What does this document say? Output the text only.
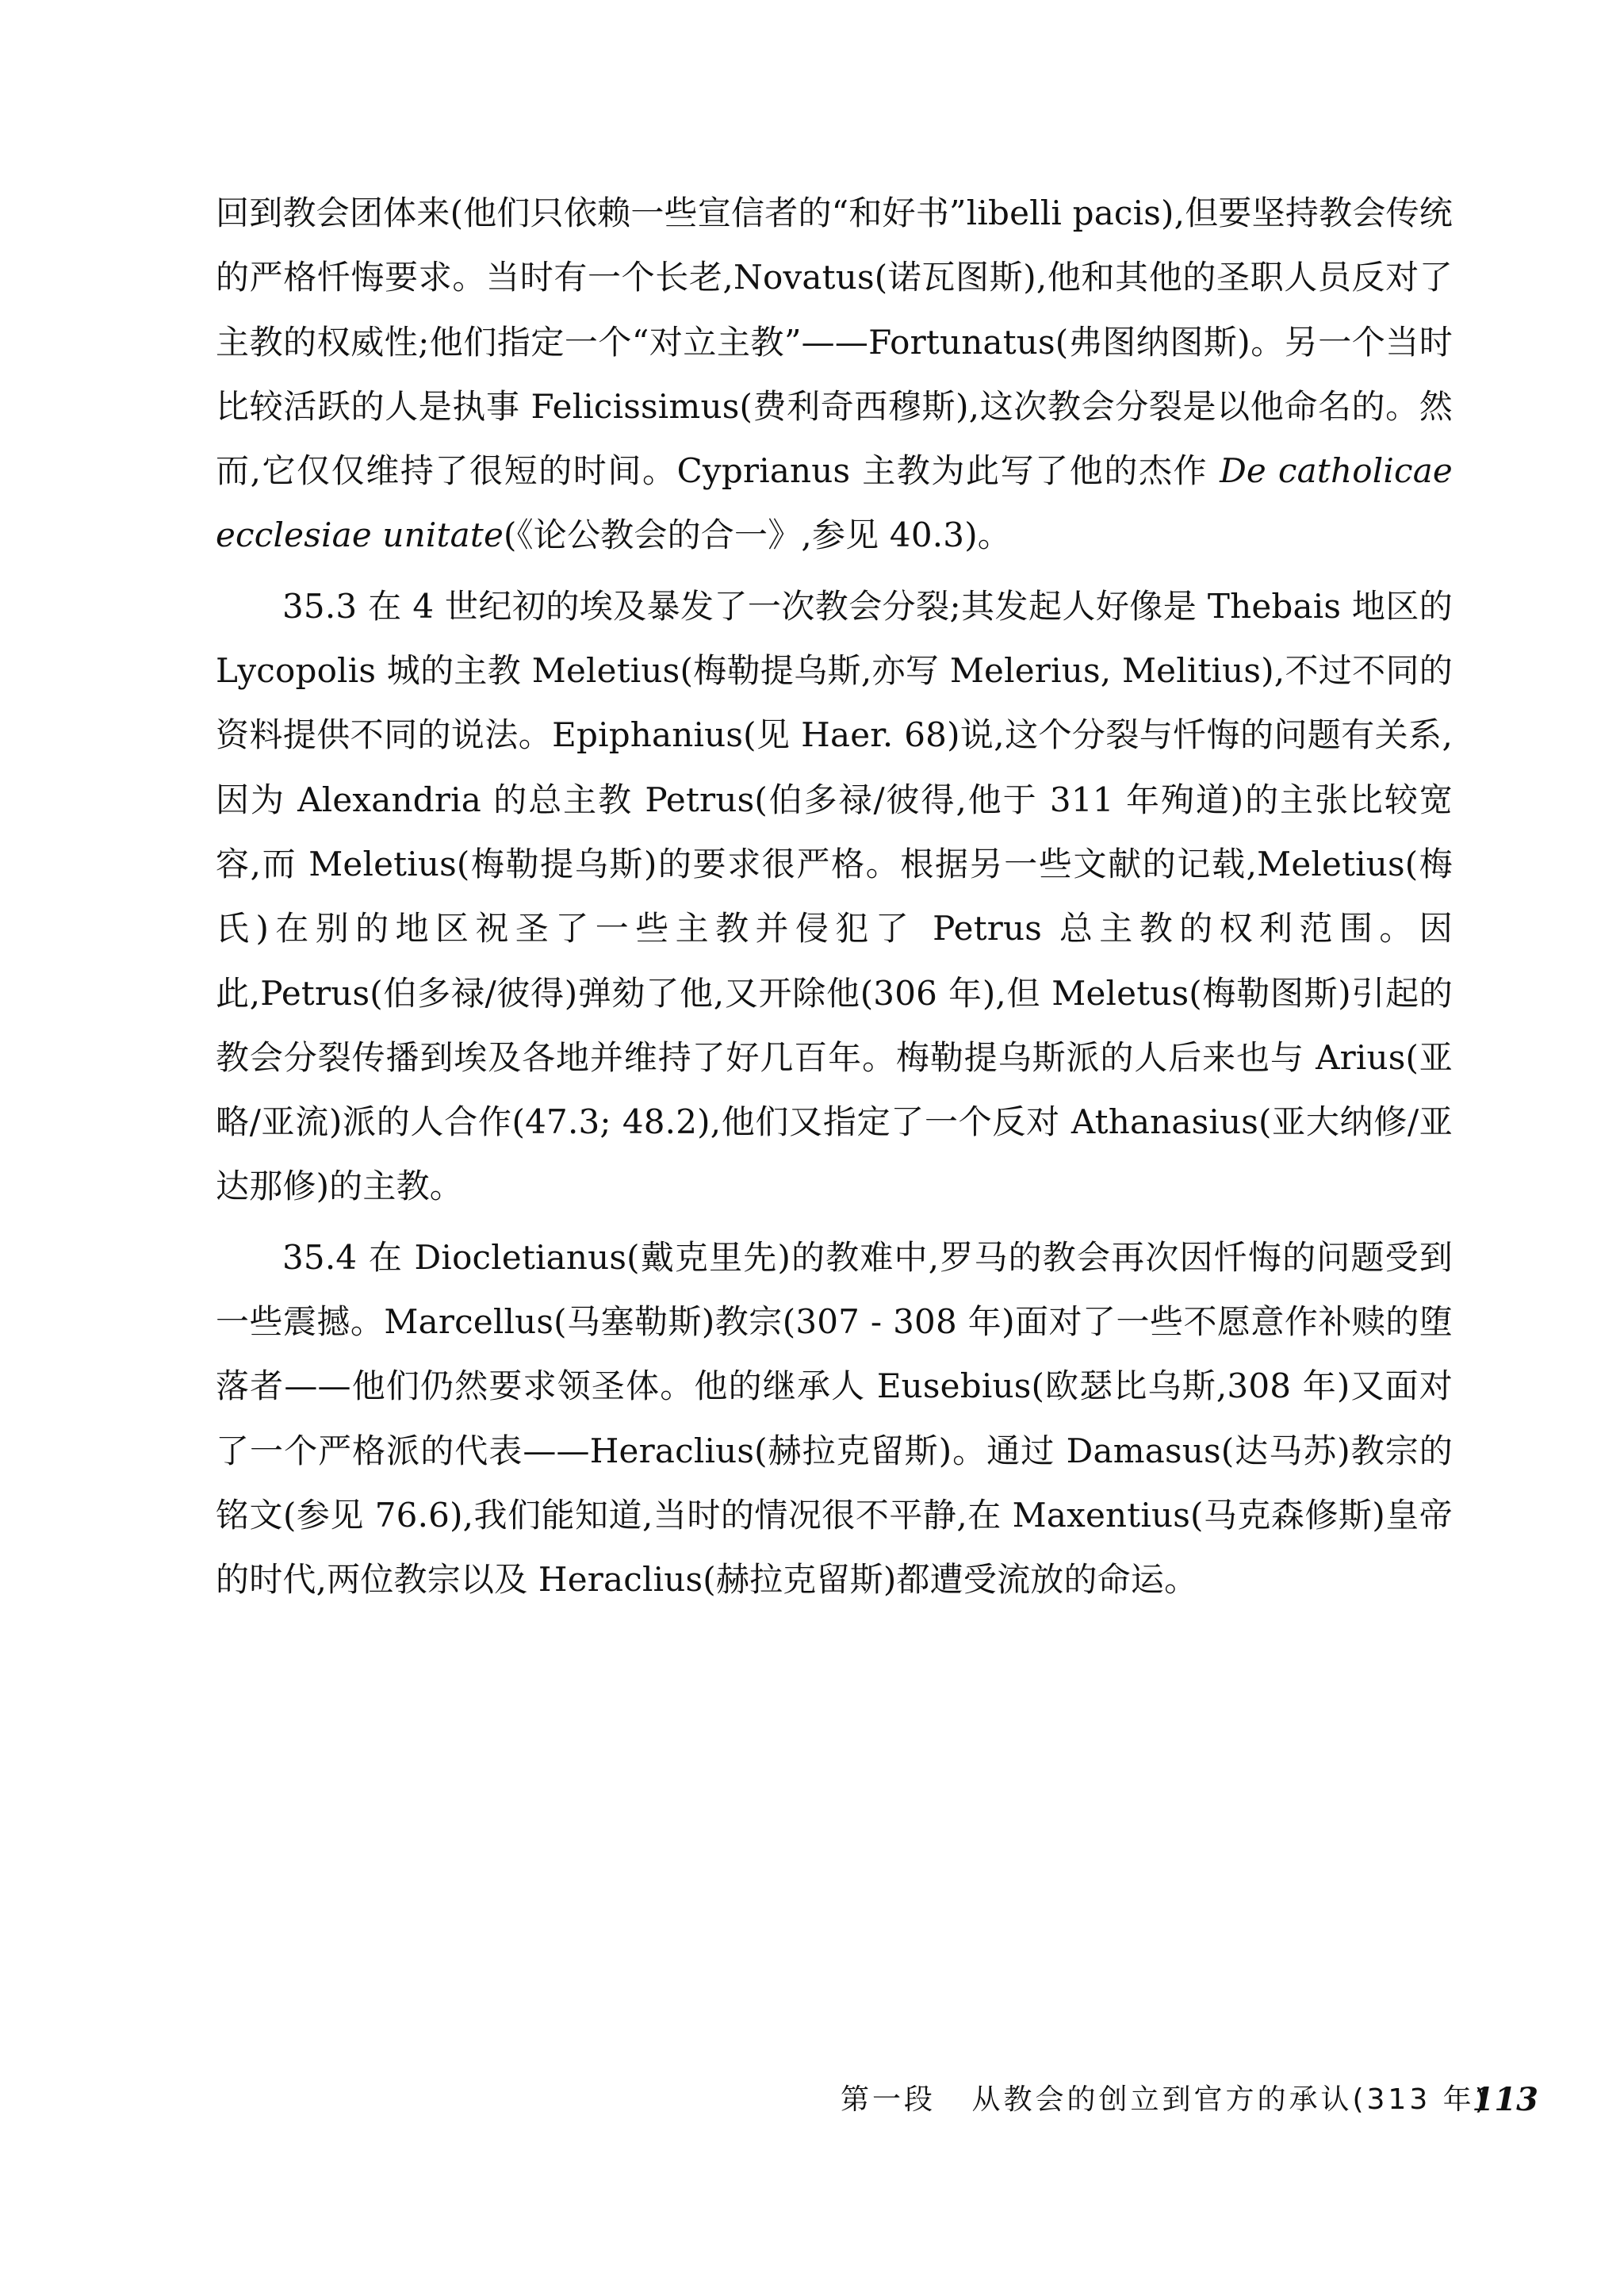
回到教会团体来(他们只依赖一些宣信者的“和好书”libelli pacis),但要坚持教会传统的严格忏悔要求。当时有一个长老,Novatus(诺瓦图斯),他和其他的圣职人员反对了主教的权威性;他们指定一个“对立主教”——Fortunatus(弗图纳图斯)。另一个当时比较活跃的人是执事 Felicissimus(费利奇西穆斯),这次教会分裂是以他命名的。然而,它仅仅维持了很短的时间。Cyprianus 主教为此写了他的杰作 De catholicae ecclesiae unitate(《论公教会的合一》,参见 40.3)。

35.3 在 4 世纪初的埃及暴发了一次教会分裂;其发起人好像是 Thebais 地区的 Lycopolis 城的主教 Meletius(梅勒提乌斯,亦写 Melerius, Melitius),不过不同的资料提供不同的说法。Epiphanius(见 Haer. 68)说,这个分裂与忏悔的问题有关系,因为 Alexandria 的总主教 Petrus(伯多禄/彼得,他于 311 年殉道)的主张比较宽容,而 Meletius(梅勒提乌斯)的要求很严格。根据另一些文献的记载,Meletius(梅氏)在别的地区祝圣了一些主教并侵犯了 Petrus 总主教的权利范围。因此,Petrus(伯多禄/彼得)弹劾了他,又开除他(306 年),但 Meletus(梅勒图斯)引起的教会分裂传播到埃及各地并维持了好几百年。梅勒提乌斯派的人后来也与 Arius(亚略/亚流)派的人合作(47.3; 48.2),他们又指定了一个反对 Athanasius(亚大纳修/亚达那修)的主教。

35.4 在 Diocletianus(戴克里先)的教难中,罗马的教会再次因忏悔的问题受到一些震撼。Marcellus(马塞勒斯)教宗(307 - 308 年)面对了一些不愿意作补赎的堕落者——他们仍然要求领圣体。他的继承人 Eusebius(欧瑟比乌斯,308 年)又面对了一个严格派的代表——Heraclius(赫拉克留斯)。通过 Damasus(达马苏)教宗的铭文(参见 76.6),我们能知道,当时的情况很不平静,在 Maxentius(马克森修斯)皇帝的时代,两位教宗以及 Heraclius(赫拉克留斯)都遭受流放的命运。

第一段 从教会的创立到官方的承认(313 年)
113
